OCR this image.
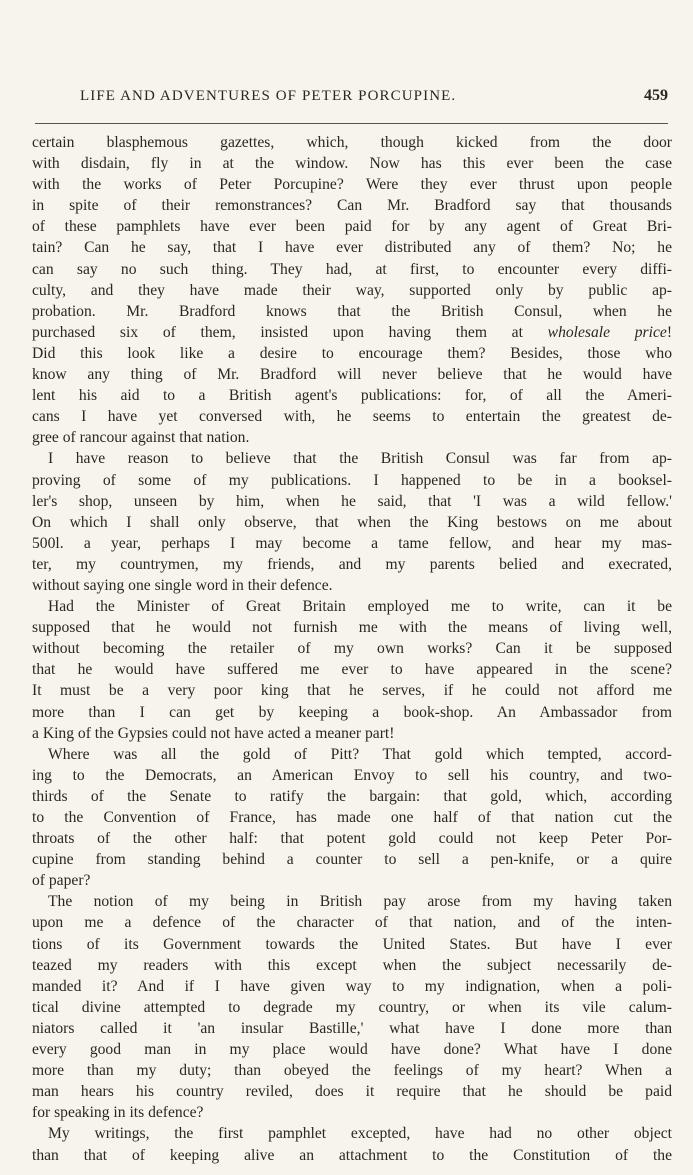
LIFE AND ADVENTURES OF PETER PORCUPINE.	459
certain blasphemous gazettes, which, though kicked from the door
with disdain, fly in at the window. Now has this ever been the case
with the works of Peter Porcupine? Were they ever thrust upon people
in spite of their remonstrances? Can Mr. Bradford say that thousands
of these pamphlets have ever been paid for by any agent of Great Bri-
tain? Can he say, that I have ever distributed any of them? No; he
can say no such thing. They had, at first, to encounter every diffi-
culty, and they have made their way, supported only by public ap-
probation. Mr. Bradford knows that the British Consul, when he
purchased six of them, insisted upon having them at wholesale price!
Did this look like a desire to encourage them? Besides, those who
know any thing of Mr. Bradford will never believe that he would have
lent his aid to a British agent's publications: for, of all the Ameri-
cans I have yet conversed with, he seems to entertain the greatest de-
gree of rancour against that nation.
I have reason to believe that the British Consul was far from ap-
proving of some of my publications. I happened to be in a booksel-
ler's shop, unseen by him, when he said, that 'I was a wild fellow.'
On which I shall only observe, that when the King bestows on me about
500l. a year, perhaps I may become a tame fellow, and hear my mas-
ter, my countrymen, my friends, and my parents belied and execrated,
without saying one single word in their defence.
Had the Minister of Great Britain employed me to write, can it be
supposed that he would not furnish me with the means of living well,
without becoming the retailer of my own works? Can it be supposed
that he would have suffered me ever to have appeared in the scene?
It must be a very poor king that he serves, if he could not afford me
more than I can get by keeping a book-shop. An Ambassador from
a King of the Gypsies could not have acted a meaner part!
Where was all the gold of Pitt? That gold which tempted, accord-
ing to the Democrats, an American Envoy to sell his country, and two-
thirds of the Senate to ratify the bargain: that gold, which, according
to the Convention of France, has made one half of that nation cut the
throats of the other half: that potent gold could not keep Peter Por-
cupine from standing behind a counter to sell a pen-knife, or a quire
of paper?
The notion of my being in British pay arose from my having taken
upon me a defence of the character of that nation, and of the inten-
tions of its Government towards the United States. But have I ever
teazed my readers with this except when the subject necessarily de-
manded it? And if I have given way to my indignation, when a poli-
tical divine attempted to degrade my country, or when its vile calum-
niators called it 'an insular Bastille,' what have I done more than
every good man in my place would have done? What have I done
more than my duty; than obeyed the feelings of my heart? When a
man hears his country reviled, does it require that he should be paid
for speaking in its defence?
My writings, the first pamphlet excepted, have had no other object
than that of keeping alive an attachment to the Constitution of the
